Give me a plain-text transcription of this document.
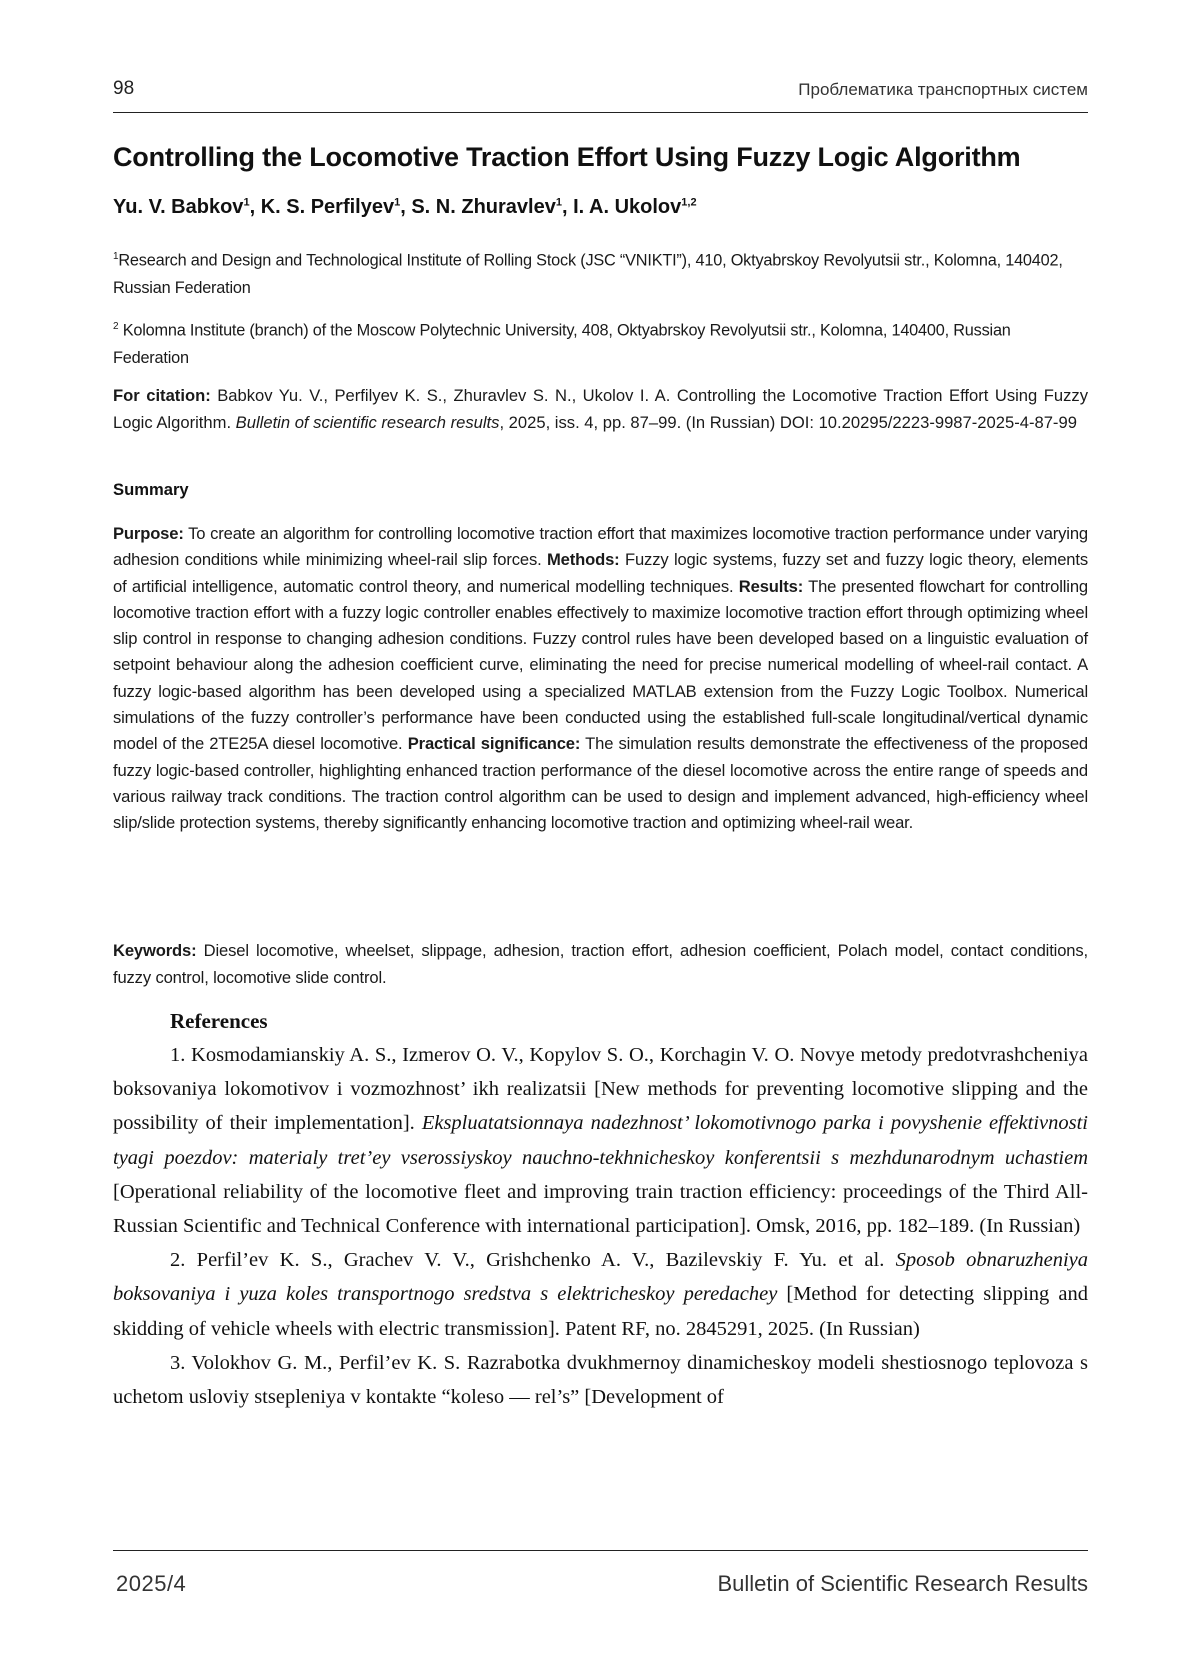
98	Проблематика транспортных систем
Controlling the Locomotive Traction Effort Using Fuzzy Logic Algorithm
Yu. V. Babkov$^1$, K. S. Perfilyev$^1$, S. N. Zhuravlev$^1$, I. A. Ukolov$^{1,2}$
$^1$Research and Design and Technological Institute of Rolling Stock (JSC “VNIKTI”), 410, Oktyabrskoy Revolyutsii str., Kolomna, 140402, Russian Federation
$^2$ Kolomna Institute (branch) of the Moscow Polytechnic University, 408, Oktyabrskoy Revolyutsii str., Kolomna, 140400, Russian Federation
For citation: Babkov Yu. V., Perfilyev K. S., Zhuravlev S. N., Ukolov I. A. Controlling the Locomotive Traction Effort Using Fuzzy Logic Algorithm. Bulletin of scientific research results, 2025, iss. 4, pp. 87–99. (In Russian) DOI: 10.20295/2223-9987-2025-4-87-99
Summary
Purpose: To create an algorithm for controlling locomotive traction effort that maximizes locomotive traction performance under varying adhesion conditions while minimizing wheel-rail slip forces. Methods: Fuzzy logic systems, fuzzy set and fuzzy logic theory, elements of artificial intelligence, automatic control theory, and numerical modelling techniques. Results: The presented flowchart for controlling locomotive traction effort with a fuzzy logic controller enables effectively to maximize locomotive traction effort through optimizing wheel slip control in response to changing adhesion conditions. Fuzzy control rules have been developed based on a linguistic evaluation of setpoint behaviour along the adhesion coefficient curve, eliminating the need for precise numerical modelling of wheel-rail contact. A fuzzy logic-based algorithm has been developed using a specialized MATLAB extension from the Fuzzy Logic Toolbox. Numerical simulations of the fuzzy controller’s performance have been conducted using the established full-scale longitudinal/vertical dynamic model of the 2TE25A diesel locomotive. Practical significance: The simulation results demonstrate the effectiveness of the proposed fuzzy logic-based controller, highlighting enhanced traction performance of the diesel locomotive across the entire range of speeds and various railway track conditions. The traction control algorithm can be used to design and implement advanced, high-efficiency wheel slip/slide protection systems, thereby significantly enhancing locomotive traction and optimizing wheel-rail wear.
Keywords: Diesel locomotive, wheelset, slippage, adhesion, traction effort, adhesion coefficient, Polach model, contact conditions, fuzzy control, locomotive slide control.
References

1. Kosmodamianskiy A. S., Izmerov O. V., Kopylov S. O., Korchagin V. O. Novye metody predotvrashcheniya boksovaniya lokomotivov i vozmozhnost’ ikh realizatsii [New methods for preventing locomotive slipping and the possibility of their implementation]. Ekspluatatsionnaya nadezhnost’ lokomotivnogo parka i povyshenie effektivnosti tyagi poezdov: materialy tret’ey vserossiyskoy nauchno-tekhnicheskoy konferentsii s mezhdunarodnym uchastiem [Operational reliability of the locomotive fleet and improving train traction efficiency: proceedings of the Third All-Russian Scientific and Technical Conference with international participation]. Omsk, 2016, pp. 182–189. (In Russian)

2. Perfil’ev K. S., Grachev V. V., Grishchenko A. V., Bazilevskiy F. Yu. et al. Sposob obnaruzheniya boksovaniya i yuza koles transportnogo sredstva s elektricheskoy peredachey [Method for detecting slipping and skidding of vehicle wheels with electric transmission]. Patent RF, no. 2845291, 2025. (In Russian)

3. Volokhov G. M., Perfil’ev K. S. Razrabotka dvukhmernoy dinamicheskoy modeli shestiosnogo teplovoza s uchetom usloviy stsepleniya v kontakte “koleso — rel’s” [Development of

2025/4	Bulletin of Scientific Research Results
